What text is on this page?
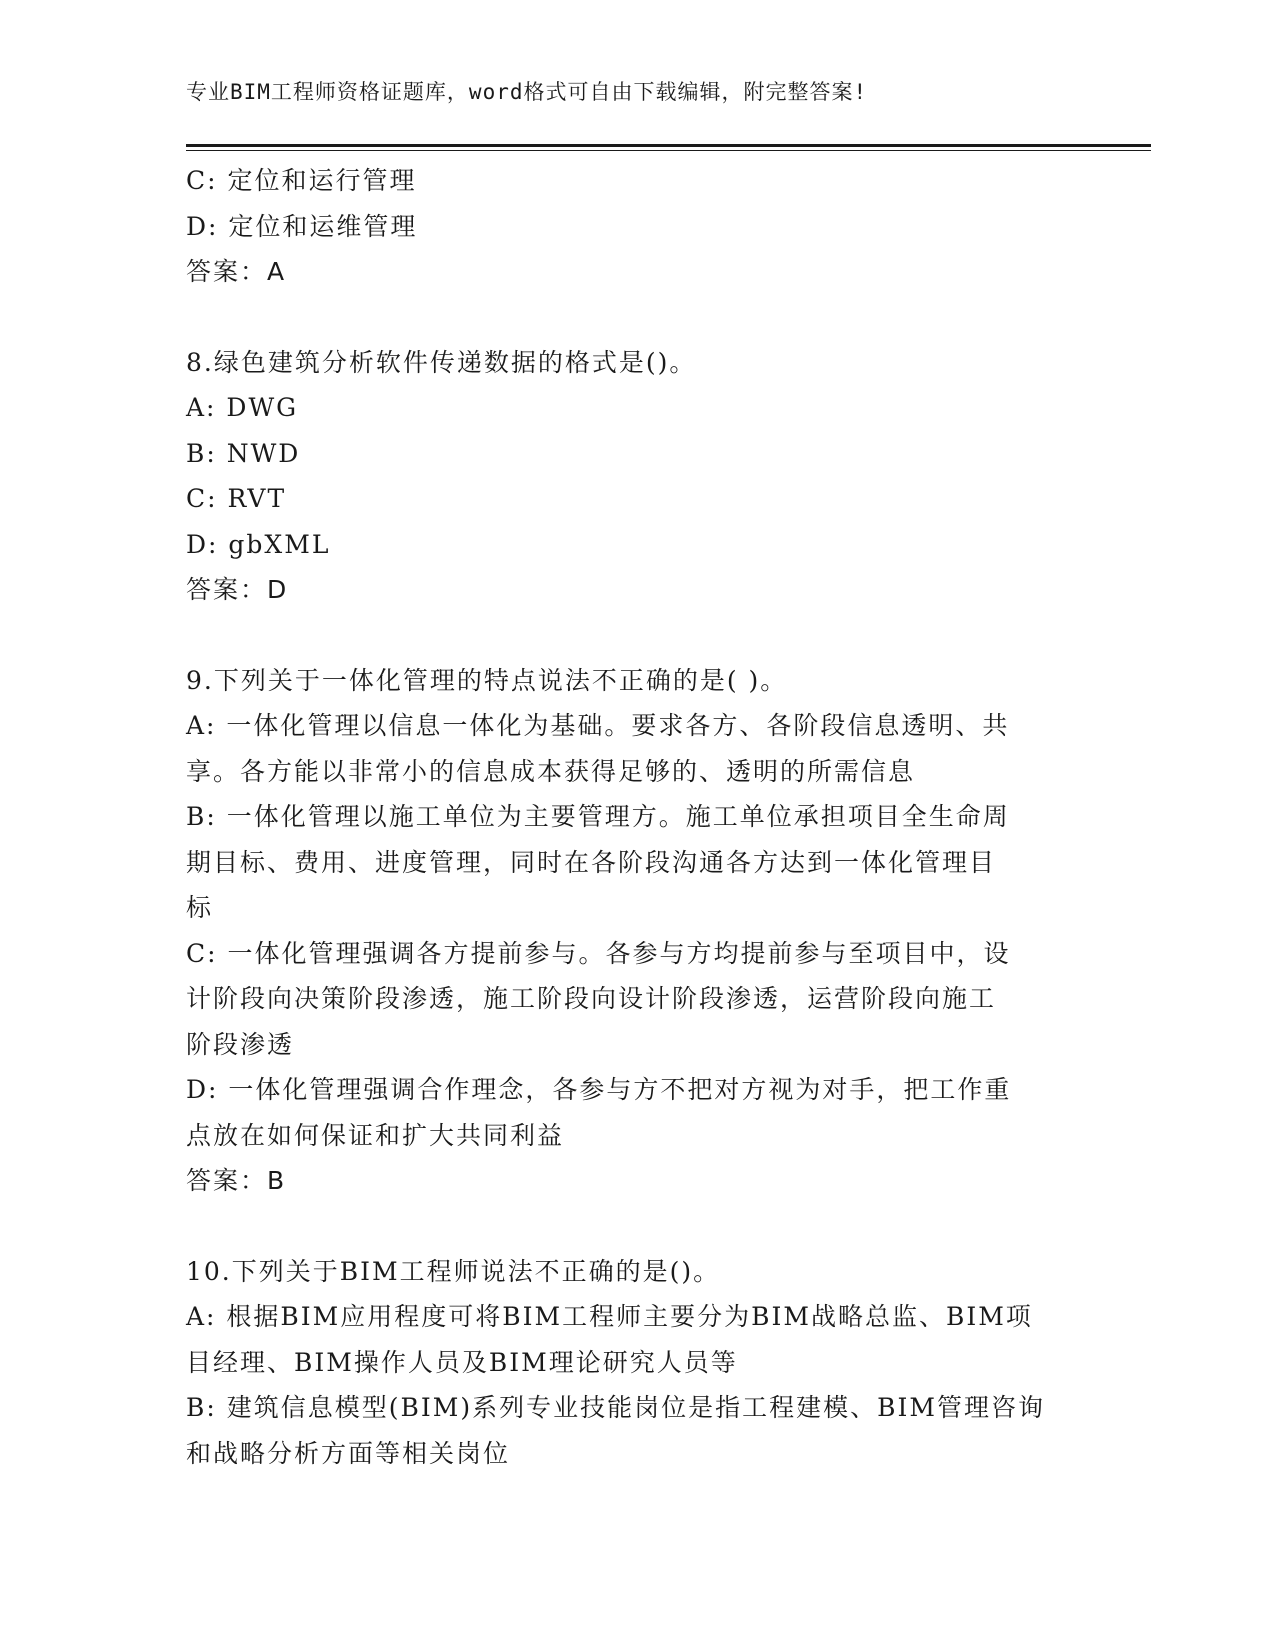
专业BIM工程师资格证题库，word格式可自由下载编辑，附完整答案!
C: 定位和运行管理
D: 定位和运维管理
答案：A
8.绿色建筑分析软件传递数据的格式是()。
A: DWG
B: NWD
C: RVT
D: gbXML
答案：D
9.下列关于一体化管理的特点说法不正确的是( )。
A: 一体化管理以信息一体化为基础。要求各方、各阶段信息透明、共
享。各方能以非常小的信息成本获得足够的、透明的所需信息
B: 一体化管理以施工单位为主要管理方。施工单位承担项目全生命周
期目标、费用、进度管理，同时在各阶段沟通各方达到一体化管理目
标
C: 一体化管理强调各方提前参与。各参与方均提前参与至项目中，设
计阶段向决策阶段渗透，施工阶段向设计阶段渗透，运营阶段向施工
阶段渗透
D: 一体化管理强调合作理念，各参与方不把对方视为对手，把工作重
点放在如何保证和扩大共同利益
答案：B
10.下列关于BIM工程师说法不正确的是()。
A: 根据BIM应用程度可将BIM工程师主要分为BIM战略总监、BIM项
目经理、BIM操作人员及BIM理论研究人员等
B: 建筑信息模型(BIM)系列专业技能岗位是指工程建模、BIM管理咨询
和战略分析方面等相关岗位
